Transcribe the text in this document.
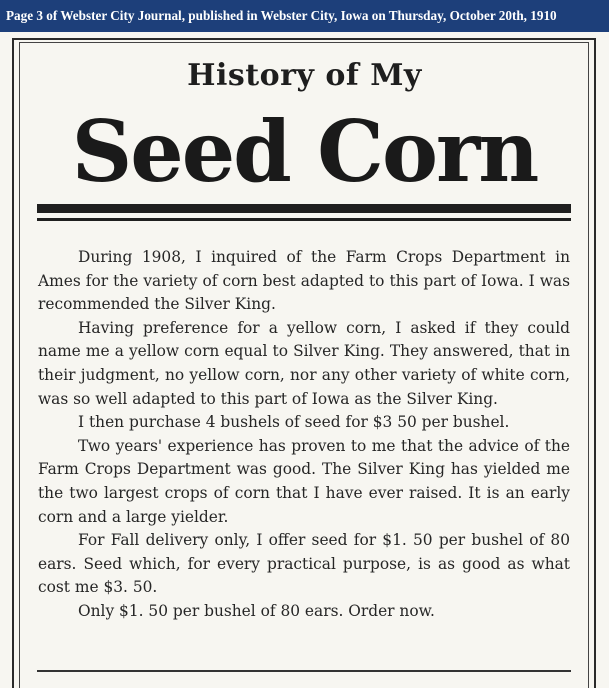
Page 3 of Webster City Journal, published in Webster City, Iowa on Thursday, October 20th, 1910
History of My
Seed Corn

During 1908, I inquired of the Farm Crops Department in Ames for the variety of corn best adapted to this part of Iowa. I was recommended the Silver King.

Having preference for a yellow corn, I asked if they could name me a yellow corn equal to Silver King. They answered, that in their judgment, no yellow corn, nor any other variety of white corn, was so well adapted to this part of Iowa as the Silver King.

I then purchase 4 bushels of seed for $3 50 per bushel.

Two years' experience has proven to me that the advice of the Farm Crops Department was good. The Silver King has yielded me the two largest crops of corn that I have ever raised. It is an early corn and a large yielder.

For Fall delivery only, I offer seed for $1. 50 per bushel of 80 ears. Seed which, for every practical purpose, is as good as what cost me $3. 50.

Only $1. 50 per bushel of 80 ears. Order now.
